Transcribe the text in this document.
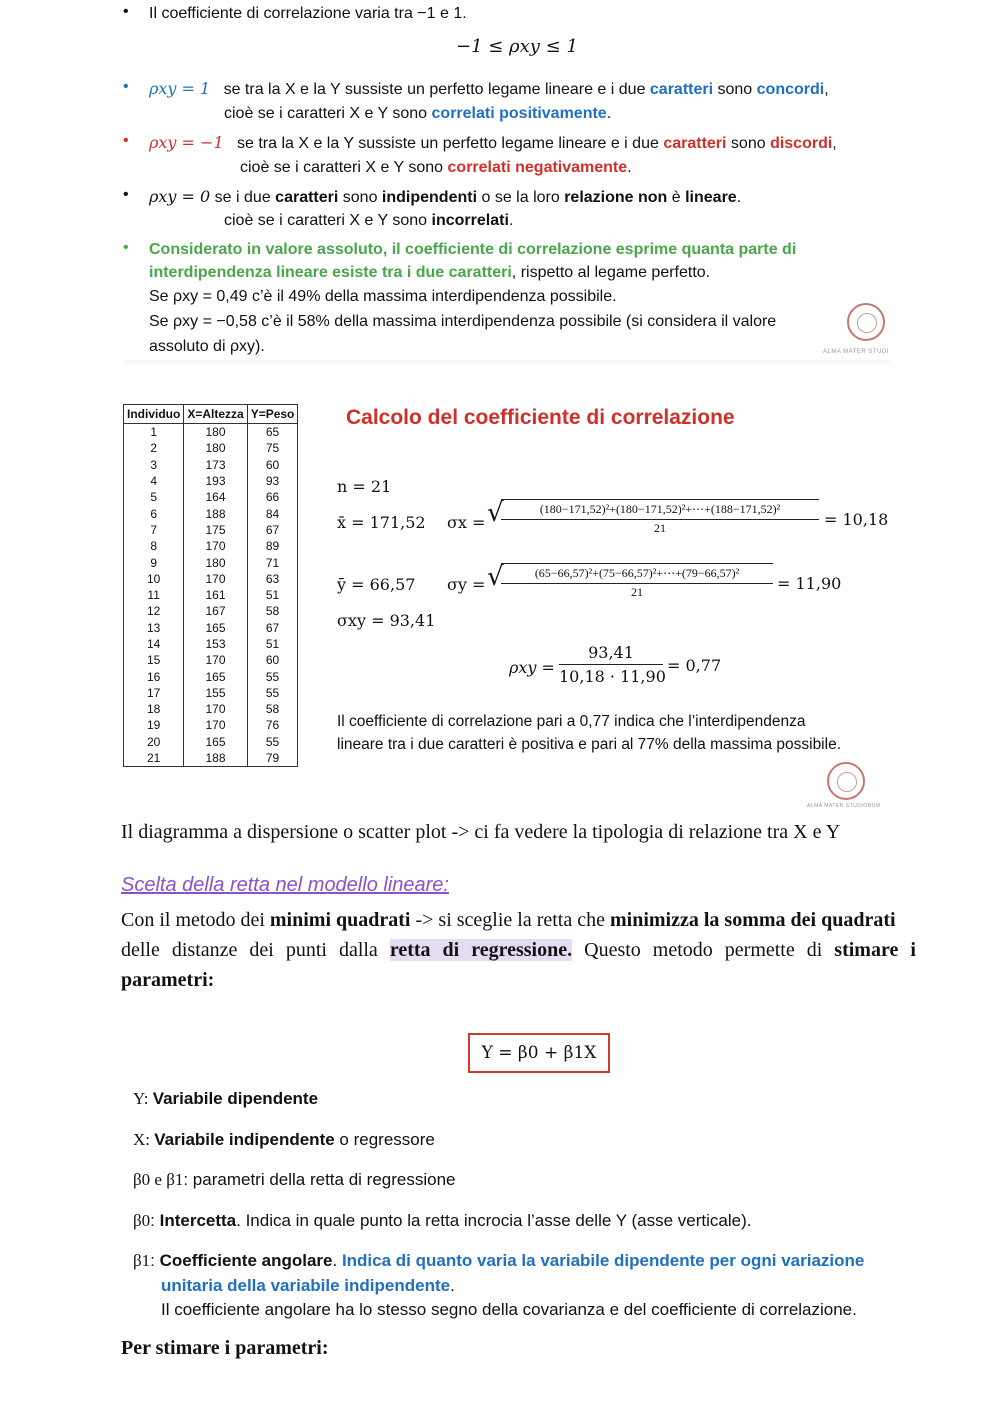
• Il coefficiente di correlazione varia tra −1 e 1.
−1 ≤ ρxy ≤ 1
• ρxy = 1 se tra la X e la Y sussiste un perfetto legame lineare e i due caratteri sono concordi,
cioè se i caratteri X e Y sono correlati positivamente.
• ρxy = −1 se tra la X e la Y sussiste un perfetto legame lineare e i due caratteri sono discordi,
cioè se i caratteri X e Y sono correlati negativamente.
• ρxy = 0 se i due caratteri sono indipendenti o se la loro relazione non è lineare.
cioè se i caratteri X e Y sono incorrelati.
• Considerato in valore assoluto, il coefficiente di correlazione esprime quanta parte di
interdipendenza lineare esiste tra i due caratteri, rispetto al legame perfetto.
Se ρxy = 0,49 c’è il 49% della massima interdipendenza possibile.
Se ρxy = −0,58 c’è il 58% della massima interdipendenza possibile (si considera il valore
assoluto di ρxy).	ALMA MATER STUDI
Individuo	X=Altezza	Y=Peso
1	180	65
2	180	75
3	173	60
4	193	93
5	164	66
6	188	84
7	175	67
8	170	89
9	180	71
10	170	63
11	161	51
12	167	58
13	165	67
14	153	51
15	170	60
16	165	55
17	155	55
18	170	58
19	170	76
20	165	55
21	188	79
Calcolo del coefficiente di correlazione
n = 21
x̄ = 171,52 σx = √
$\frac{\text{(180−171,52)²+(180−171,52)²+⋯+(188−171,52)²}}{21} = 10,18$
ȳ = 66,57 σy = √
$\frac{\text{(65−66,57)²+(75−66,57)²+⋯+(79−66,57)²}}{21} = 11,90$
σxy = 93,41
$\rho xy = \frac{93,41}{10,18 \cdot 11,90} = 0,77$
Il coefficiente di correlazione pari a 0,77 indica che l’interdipendenza
lineare tra i due caratteri è positiva e pari al 77% della massima possibile.
ALMA MATER STUDIORUM
Il diagramma a dispersione o scatter plot -> ci fa vedere la tipologia di relazione tra X e Y
Scelta della retta nel modello lineare:
Con il metodo dei minimi quadrati -> si sceglie la retta che minimizza la somma dei quadrati
delle distanze dei punti dalla retta di regressione. Questo metodo permette di stimare i
parametri:
Y = β0 + β1X
Y: Variabile dipendente
X: Variabile indipendente o regressore
β0 e β1: parametri della retta di regressione
β0: Intercetta. Indica in quale punto la retta incrocia l’asse delle Y (asse verticale).
β1: Coefficiente angolare. Indica di quanto varia la variabile dipendente per ogni variazione
unitaria della variabile indipendente.
Il coefficiente angolare ha lo stesso segno della covarianza e del coefficiente di correlazione.
Per stimare i parametri:
